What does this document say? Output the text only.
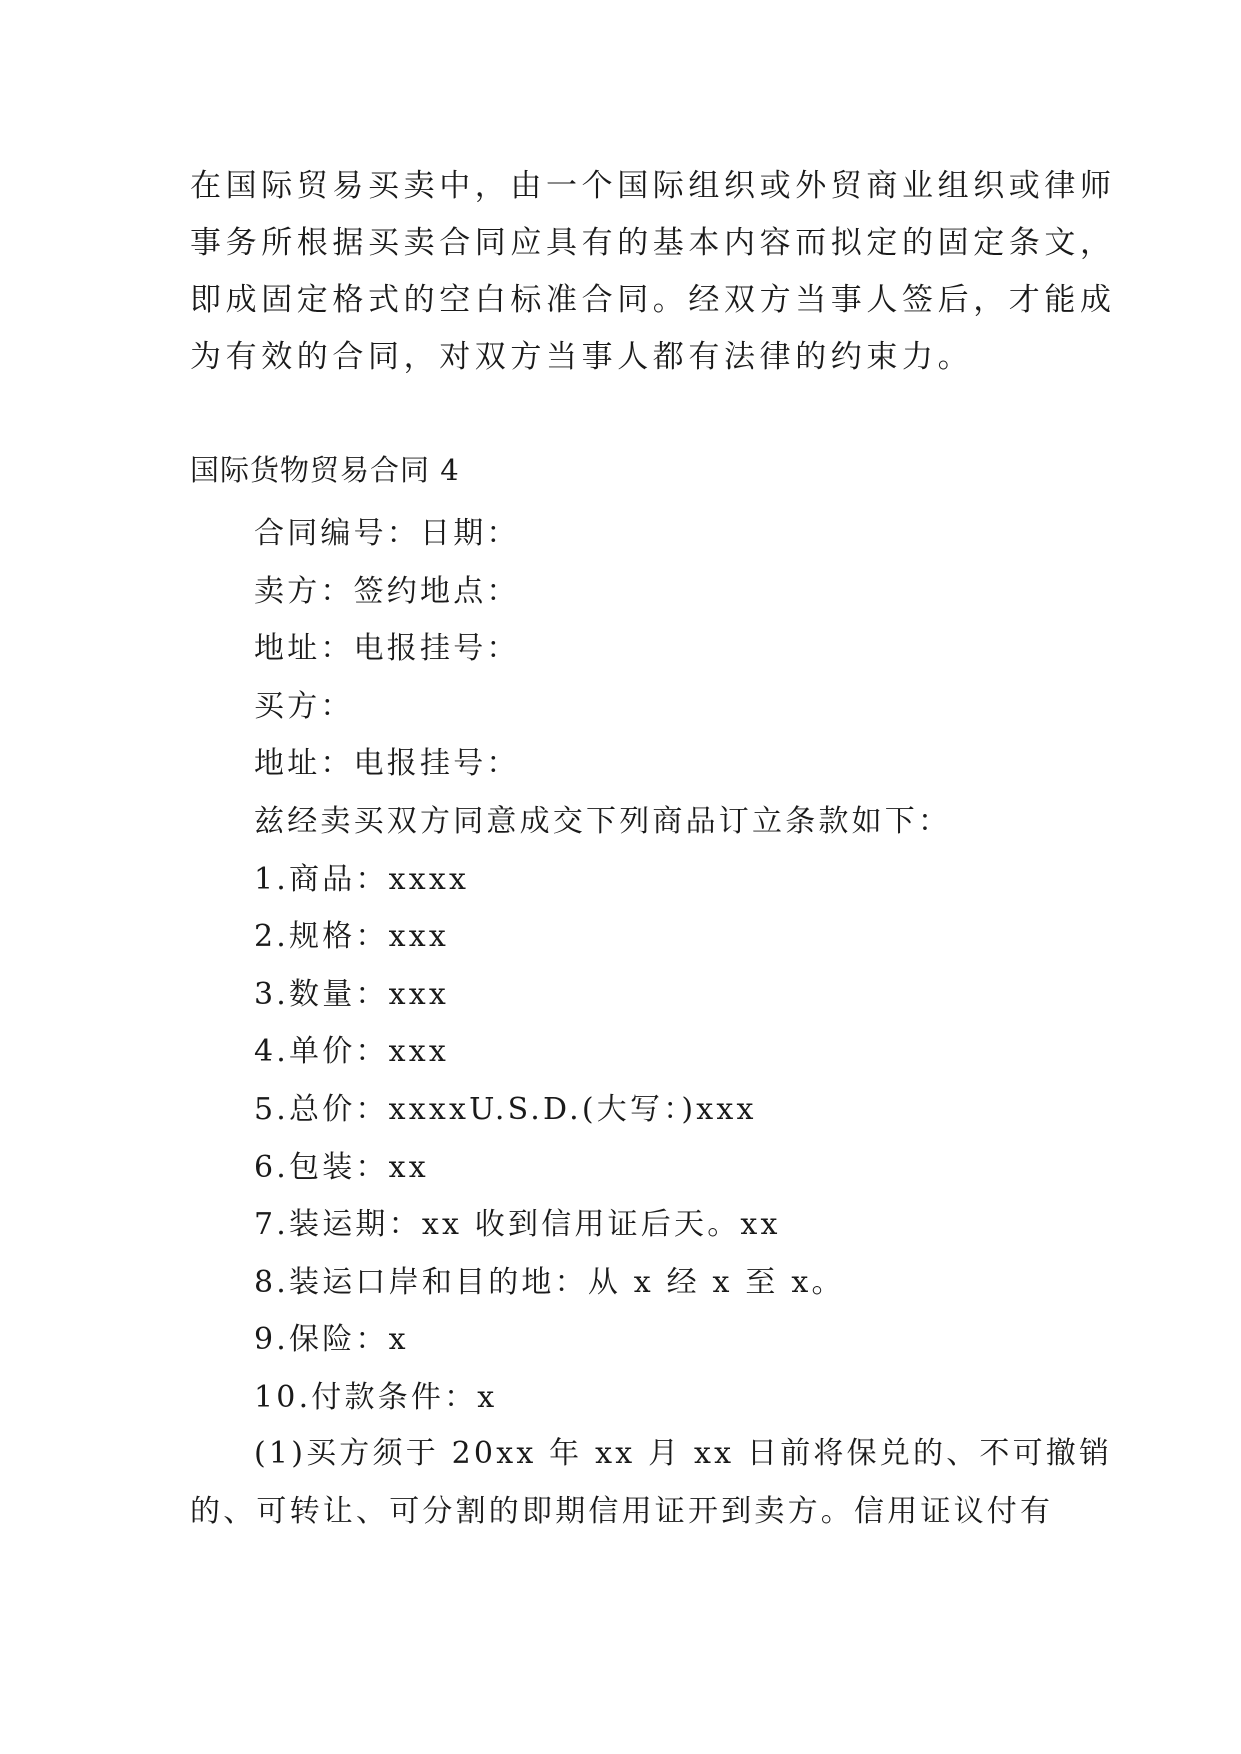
在国际贸易买卖中，由一个国际组织或外贸商业组织或律师
事务所根据买卖合同应具有的基本内容而拟定的固定条文，
即成固定格式的空白标准合同。经双方当事人签后，才能成
为有效的合同，对双方当事人都有法律的约束力。
国际货物贸易合同 4
合同编号：日期：
卖方：签约地点：
地址：电报挂号：
买方：
地址：电报挂号：
兹经卖买双方同意成交下列商品订立条款如下：
1.商品：xxxx
2.规格：xxx
3.数量：xxx
4.单价：xxx
5.总价：xxxxU.S.D.(大写：)xxx
6.包装：xx
7.装运期：xx 收到信用证后天。xx
8.装运口岸和目的地：从 x 经 x 至 x。
9.保险：x
10.付款条件：x
(1)买方须于 20xx 年 xx 月 xx 日前将保兑的、不可撤销
的、可转让、可分割的即期信用证开到卖方。信用证议付有
